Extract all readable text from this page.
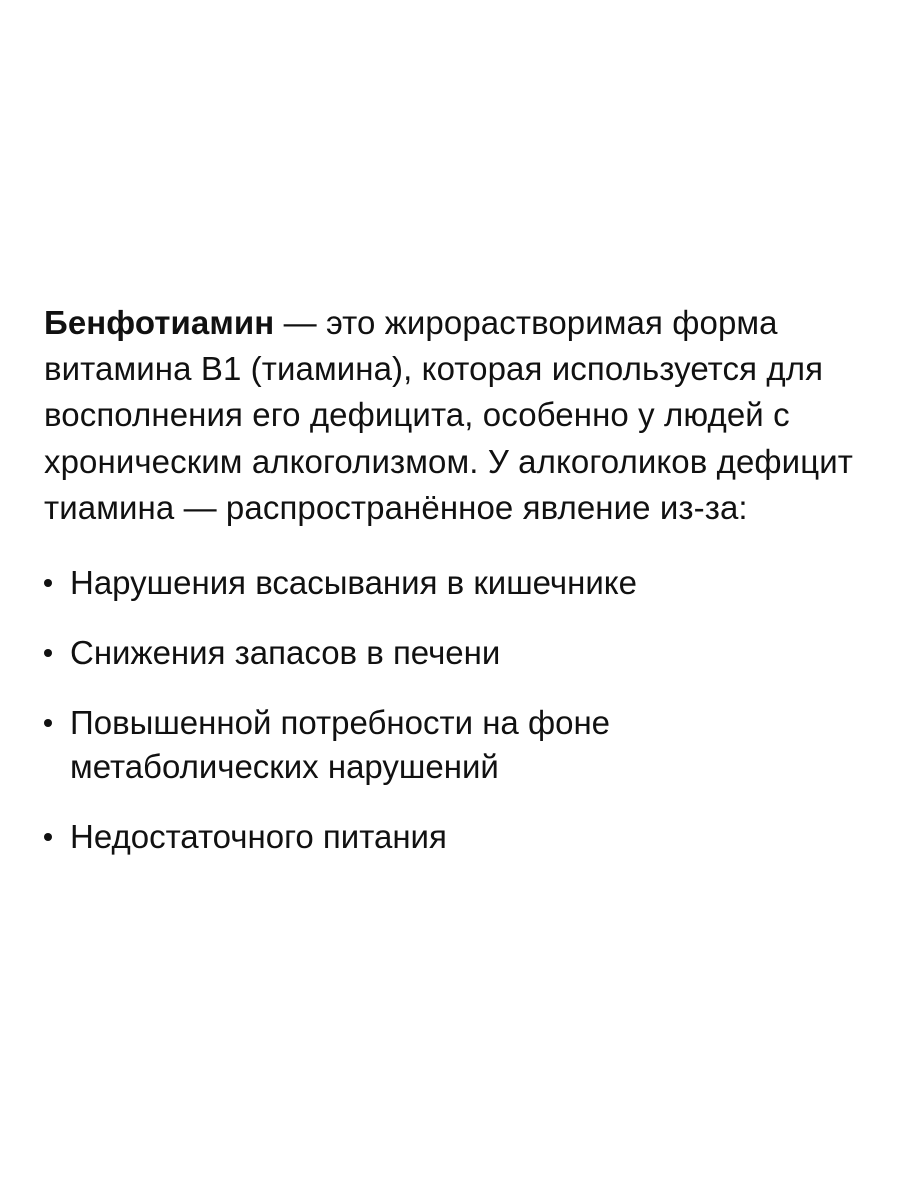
Бенфотиамин — это жирорастворимая форма витамина B1 (тиамина), которая используется для восполнения его дефицита, особенно у людей с хроническим алкоголизмом. У алкоголиков дефицит тиамина — распространённое явление из-за:

Нарушения всасывания в кишечнике
Снижения запасов в печени
Повышенной потребности на фоне метаболических нарушений
Недостаточного питания
